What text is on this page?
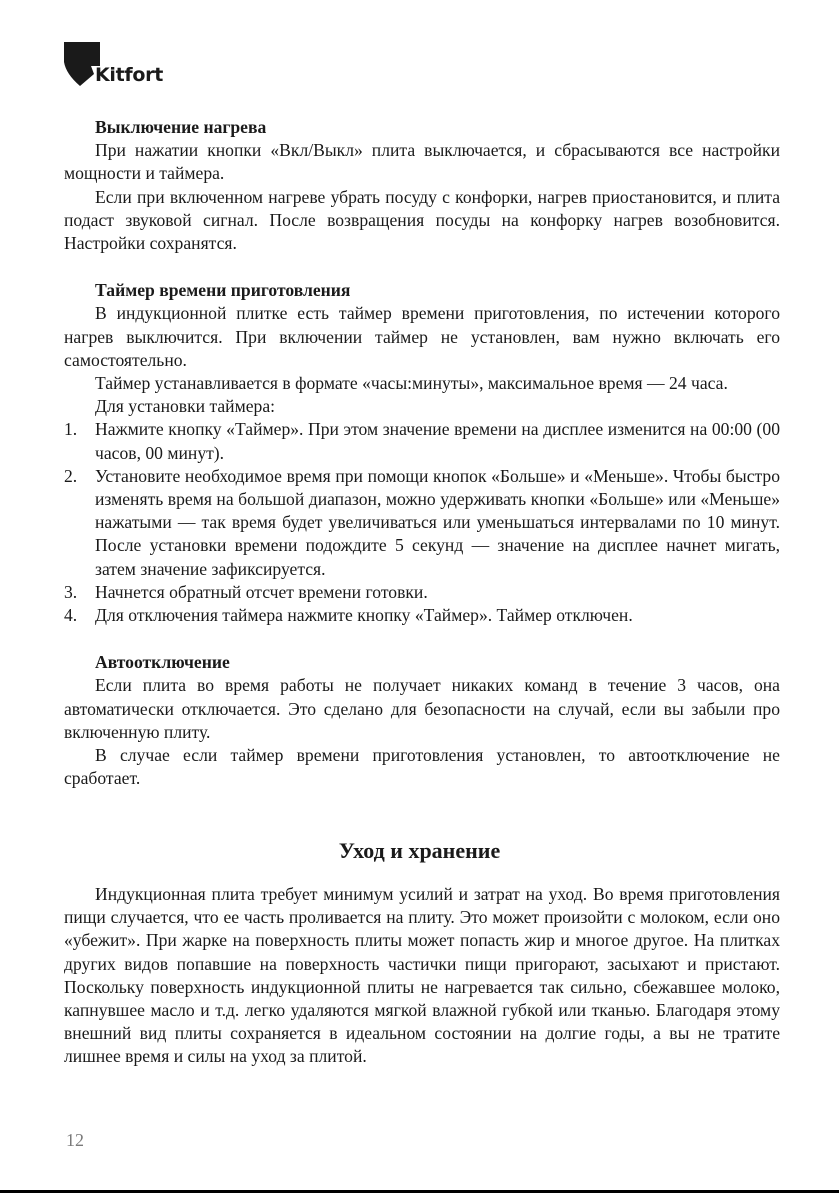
Kitfort
Выключение нагрева

При нажатии кнопки «Вкл/Выкл» плита выключается, и сбрасываются все настройки мощности и таймера.

Если при включенном нагреве убрать посуду с конфорки, нагрев приостановится, и плита подаст звуковой сигнал. После возвращения посуды на конфорку нагрев возобновится. Настройки сохранятся.

Таймер времени приготовления

В индукционной плитке есть таймер времени приготовления, по истечении которого нагрев выключится. При включении таймер не установлен, вам нужно включать его самостоятельно.

Таймер устанавливается в формате «часы:минуты», максимальное время — 24 часа.

Для установки таймера:

1. Нажмите кнопку «Таймер». При этом значение времени на дисплее изменится на 00:00 (00 часов, 00 минут).
2. Установите необходимое время при помощи кнопок «Больше» и «Меньше». Чтобы быстро изменять время на большой диапазон, можно удерживать кнопки «Больше» или «Меньше» нажатыми — так время будет увеличиваться или уменьшаться интервалами по 10 минут. После установки времени подождите 5 секунд — значение на дисплее начнет мигать, затем значение зафиксируется.
3. Начнется обратный отсчет времени готовки.
4. Для отключения таймера нажмите кнопку «Таймер». Таймер отключен.
Автоотключение

Если плита во время работы не получает никаких команд в течение 3 часов, она автоматически отключается. Это сделано для безопасности на случай, если вы забыли про включенную плиту.

В случае если таймер времени приготовления установлен, то автоотключение не сработает.

Уход и хранение

Индукционная плита требует минимум усилий и затрат на уход. Во время приготовления пищи случается, что ее часть проливается на плиту. Это может произойти с молоком, если оно «убежит». При жарке на поверхность плиты может попасть жир и многое другое. На плитках других видов попавшие на поверхность частички пищи пригорают, засыхают и пристают. Поскольку поверхность индукционной плиты не нагревается так сильно, сбежавшее молоко, капнувшее масло и т.д. легко удаляются мягкой влажной губкой или тканью. Благодаря этому внешний вид плиты сохраняется в идеальном состоянии на долгие годы, а вы не тратите лишнее время и силы на уход за плитой.

12
